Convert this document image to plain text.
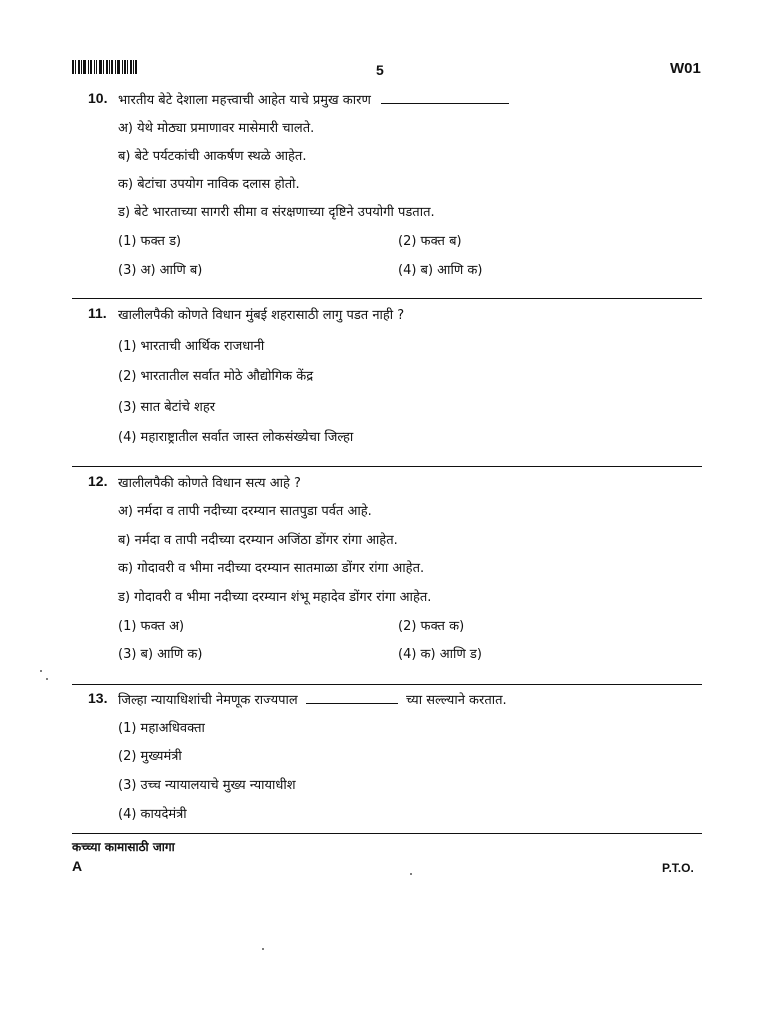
5	W01
10. भारतीय बेटे देशाला महत्त्वाची आहेत याचे प्रमुख कारण
अ) येथे मोठ्या प्रमाणावर मासेमारी चालते.
ब) बेटे पर्यटकांची आकर्षण स्थळे आहेत.
क) बेटांचा उपयोग नाविक दलास होतो.
ड) बेटे भारताच्या सागरी सीमा व संरक्षणाच्या दृष्टिने उपयोगी पडतात.
(1) फक्त ड)	(2) फक्त ब)
(3) अ) आणि ब)	(4) ब) आणि क)
11. खालीलपैकी कोणते विधान मुंबई शहरासाठी लागु पडत नाही ?
(1) भारताची आर्थिक राजधानी
(2) भारतातील सर्वात मोठे औद्योगिक केंद्र
(3) सात बेटांचे शहर
(4) महाराष्ट्रातील सर्वात जास्त लोकसंख्येचा जिल्हा
12. खालीलपैकी कोणते विधान सत्य आहे ?
अ) नर्मदा व तापी नदीच्या दरम्यान सातपुडा पर्वत आहे.
ब) नर्मदा व तापी नदीच्या दरम्यान अजिंठा डोंगर रांगा आहेत.
क) गोदावरी व भीमा नदीच्या दरम्यान सातमाळा डोंगर रांगा आहेत.
ड) गोदावरी व भीमा नदीच्या दरम्यान शंभू महादेव डोंगर रांगा आहेत.
(1) फक्त अ)	(2) फक्त क)
(3) ब) आणि क)	(4) क) आणि ड)
13. जिल्हा न्यायाधिशांची नेमणूक राज्यपाल	च्या सल्ल्याने करतात.
(1) महाअधिवक्ता
(2) मुख्यमंत्री
(3) उच्च न्यायालयाचे मुख्य न्यायाधीश
(4) कायदेमंत्री
कच्च्या कामासाठी जागा
A	P.T.O.
